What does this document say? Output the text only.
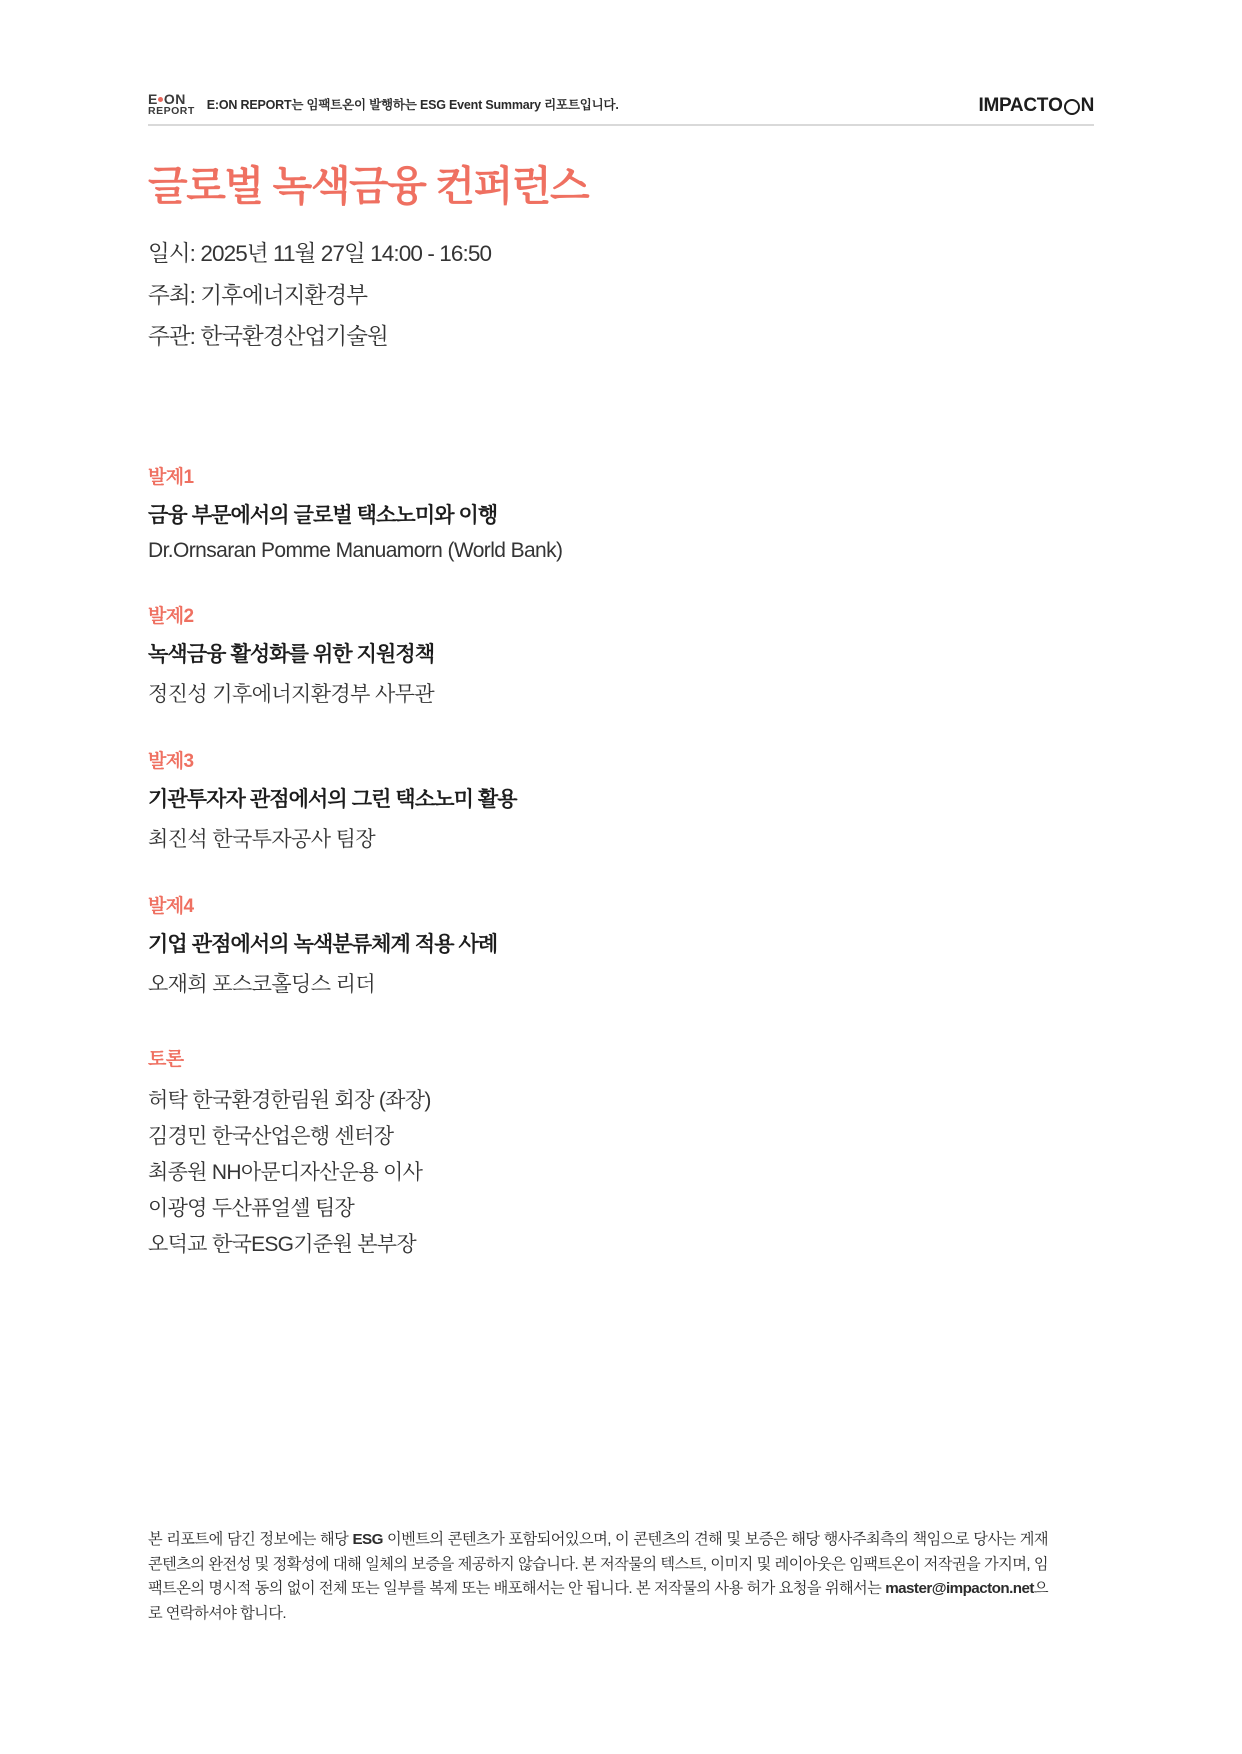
E ON
REPORT E:ON REPORT는 임팩트온이 발행하는 ESG Event Summary 리포트입니다.	IMPACT Ο N
글로벌 녹색금융 컨퍼런스
일시: 2025년 11월 27일 14:00 - 16:50
주최: 기후에너지환경부
주관: 한국환경산업기술원
발제1
금융 부문에서의 글로벌 택소노미와 이행
Dr.Ornsaran Pomme Manuamorn (World Bank)
발제2
녹색금융 활성화를 위한 지원정책
정진성 기후에너지환경부 사무관
발제3
기관투자자 관점에서의 그린 택소노미 활용
최진석 한국투자공사 팀장
발제4
기업 관점에서의 녹색분류체계 적용 사례
오재희 포스코홀딩스 리더
토론
허탁 한국환경한림원 회장 (좌장)
김경민 한국산업은행 센터장
최종원 NH아문디자산운용 이사
이광영 두산퓨얼셀 팀장
오덕교 한국ESG기준원 본부장
본 리포트에 담긴 정보에는 해당 ESG 이벤트의 콘텐츠가 포함되어있으며, 이 콘텐츠의 견해 및 보증은 해당 행사주최측의 책임으로 당사는 게재콘텐츠의 완전성 및 정확성에 대해 일체의 보증을 제공하지 않습니다. 본 저작물의 텍스트, 이미지 및 레이아웃은 임팩트온이 저작권을 가지며, 임팩트온의 명시적 동의 없이 전체 또는 일부를 복제 또는 배포해서는 안 됩니다. 본 저작물의 사용 허가 요청을 위해서는 master@impacton.net으로 연락하셔야 합니다.
